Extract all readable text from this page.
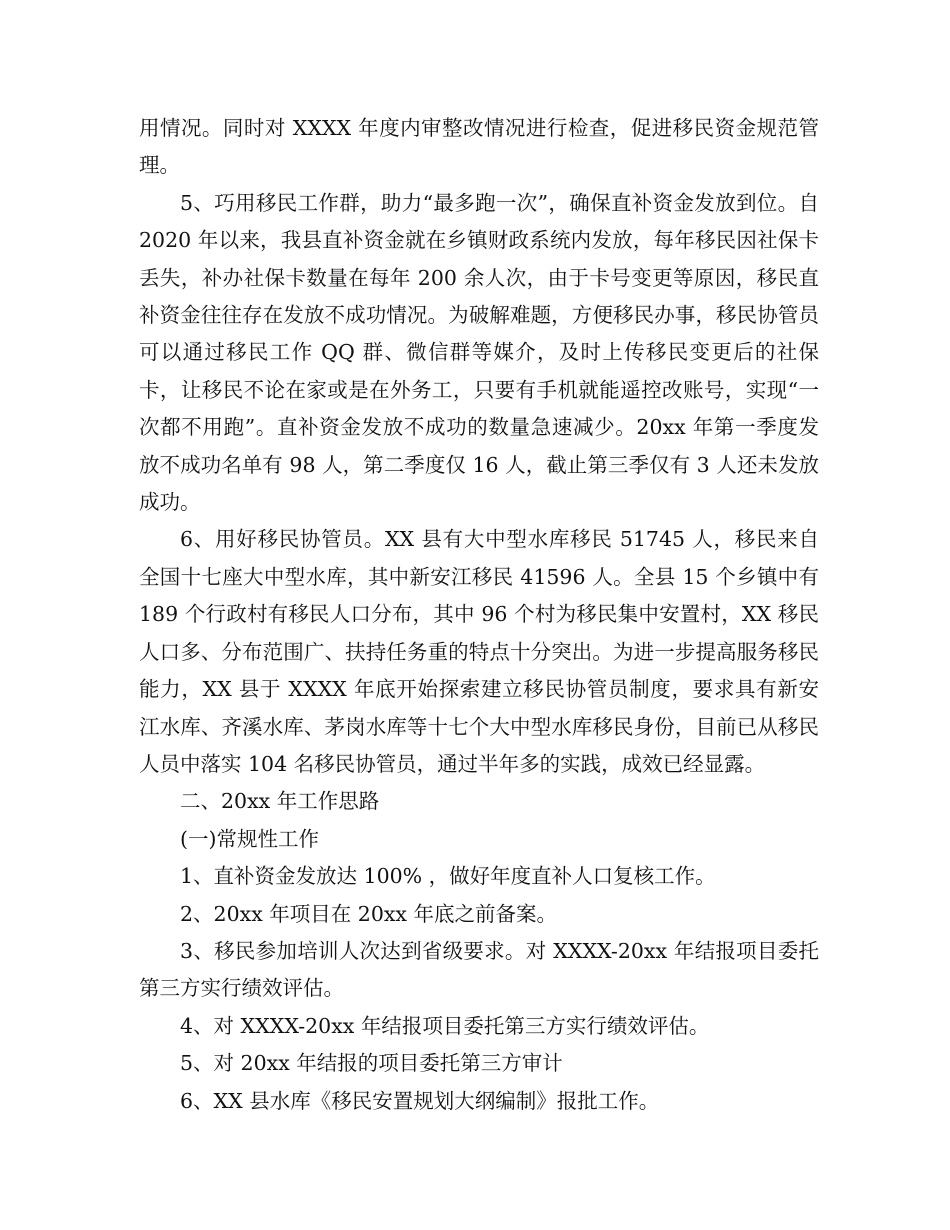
用情况。同时对 XXXX 年度内审整改情况进行检查，促进移民资金规范管理。

5、巧用移民工作群，助力“最多跑一次”，确保直补资金发放到位。自 2020 年以来，我县直补资金就在乡镇财政系统内发放，每年移民因社保卡丢失，补办社保卡数量在每年 200 余人次，由于卡号变更等原因，移民直补资金往往存在发放不成功情况。为破解难题，方便移民办事，移民协管员可以通过移民工作 QQ 群、微信群等媒介，及时上传移民变更后的社保卡，让移民不论在家或是在外务工，只要有手机就能遥控改账号，实现“一次都不用跑”。直补资金发放不成功的数量急速减少。20xx 年第一季度发放不成功名单有 98 人，第二季度仅 16 人，截止第三季仅有 3 人还未发放成功。

6、用好移民协管员。XX 县有大中型水库移民 51745 人，移民来自全国十七座大中型水库，其中新安江移民 41596 人。全县 15 个乡镇中有 189 个行政村有移民人口分布，其中 96 个村为移民集中安置村，XX 移民人口多、分布范围广、扶持任务重的特点十分突出。为进一步提高服务移民能力，XX 县于 XXXX 年底开始探索建立移民协管员制度，要求具有新安江水库、齐溪水库、茅岗水库等十七个大中型水库移民身份，目前已从移民人员中落实 104 名移民协管员，通过半年多的实践，成效已经显露。

二、20xx 年工作思路

(一)常规性工作

1、直补资金发放达 100% ，做好年度直补人口复核工作。

2、20xx 年项目在 20xx 年底之前备案。

3、移民参加培训人次达到省级要求。对 XXXX-20xx 年结报项目委托第三方实行绩效评估。

4、对 XXXX-20xx 年结报项目委托第三方实行绩效评估。

5、对 20xx 年结报的项目委托第三方审计

6、XX 县水库《移民安置规划大纲编制》报批工作。
